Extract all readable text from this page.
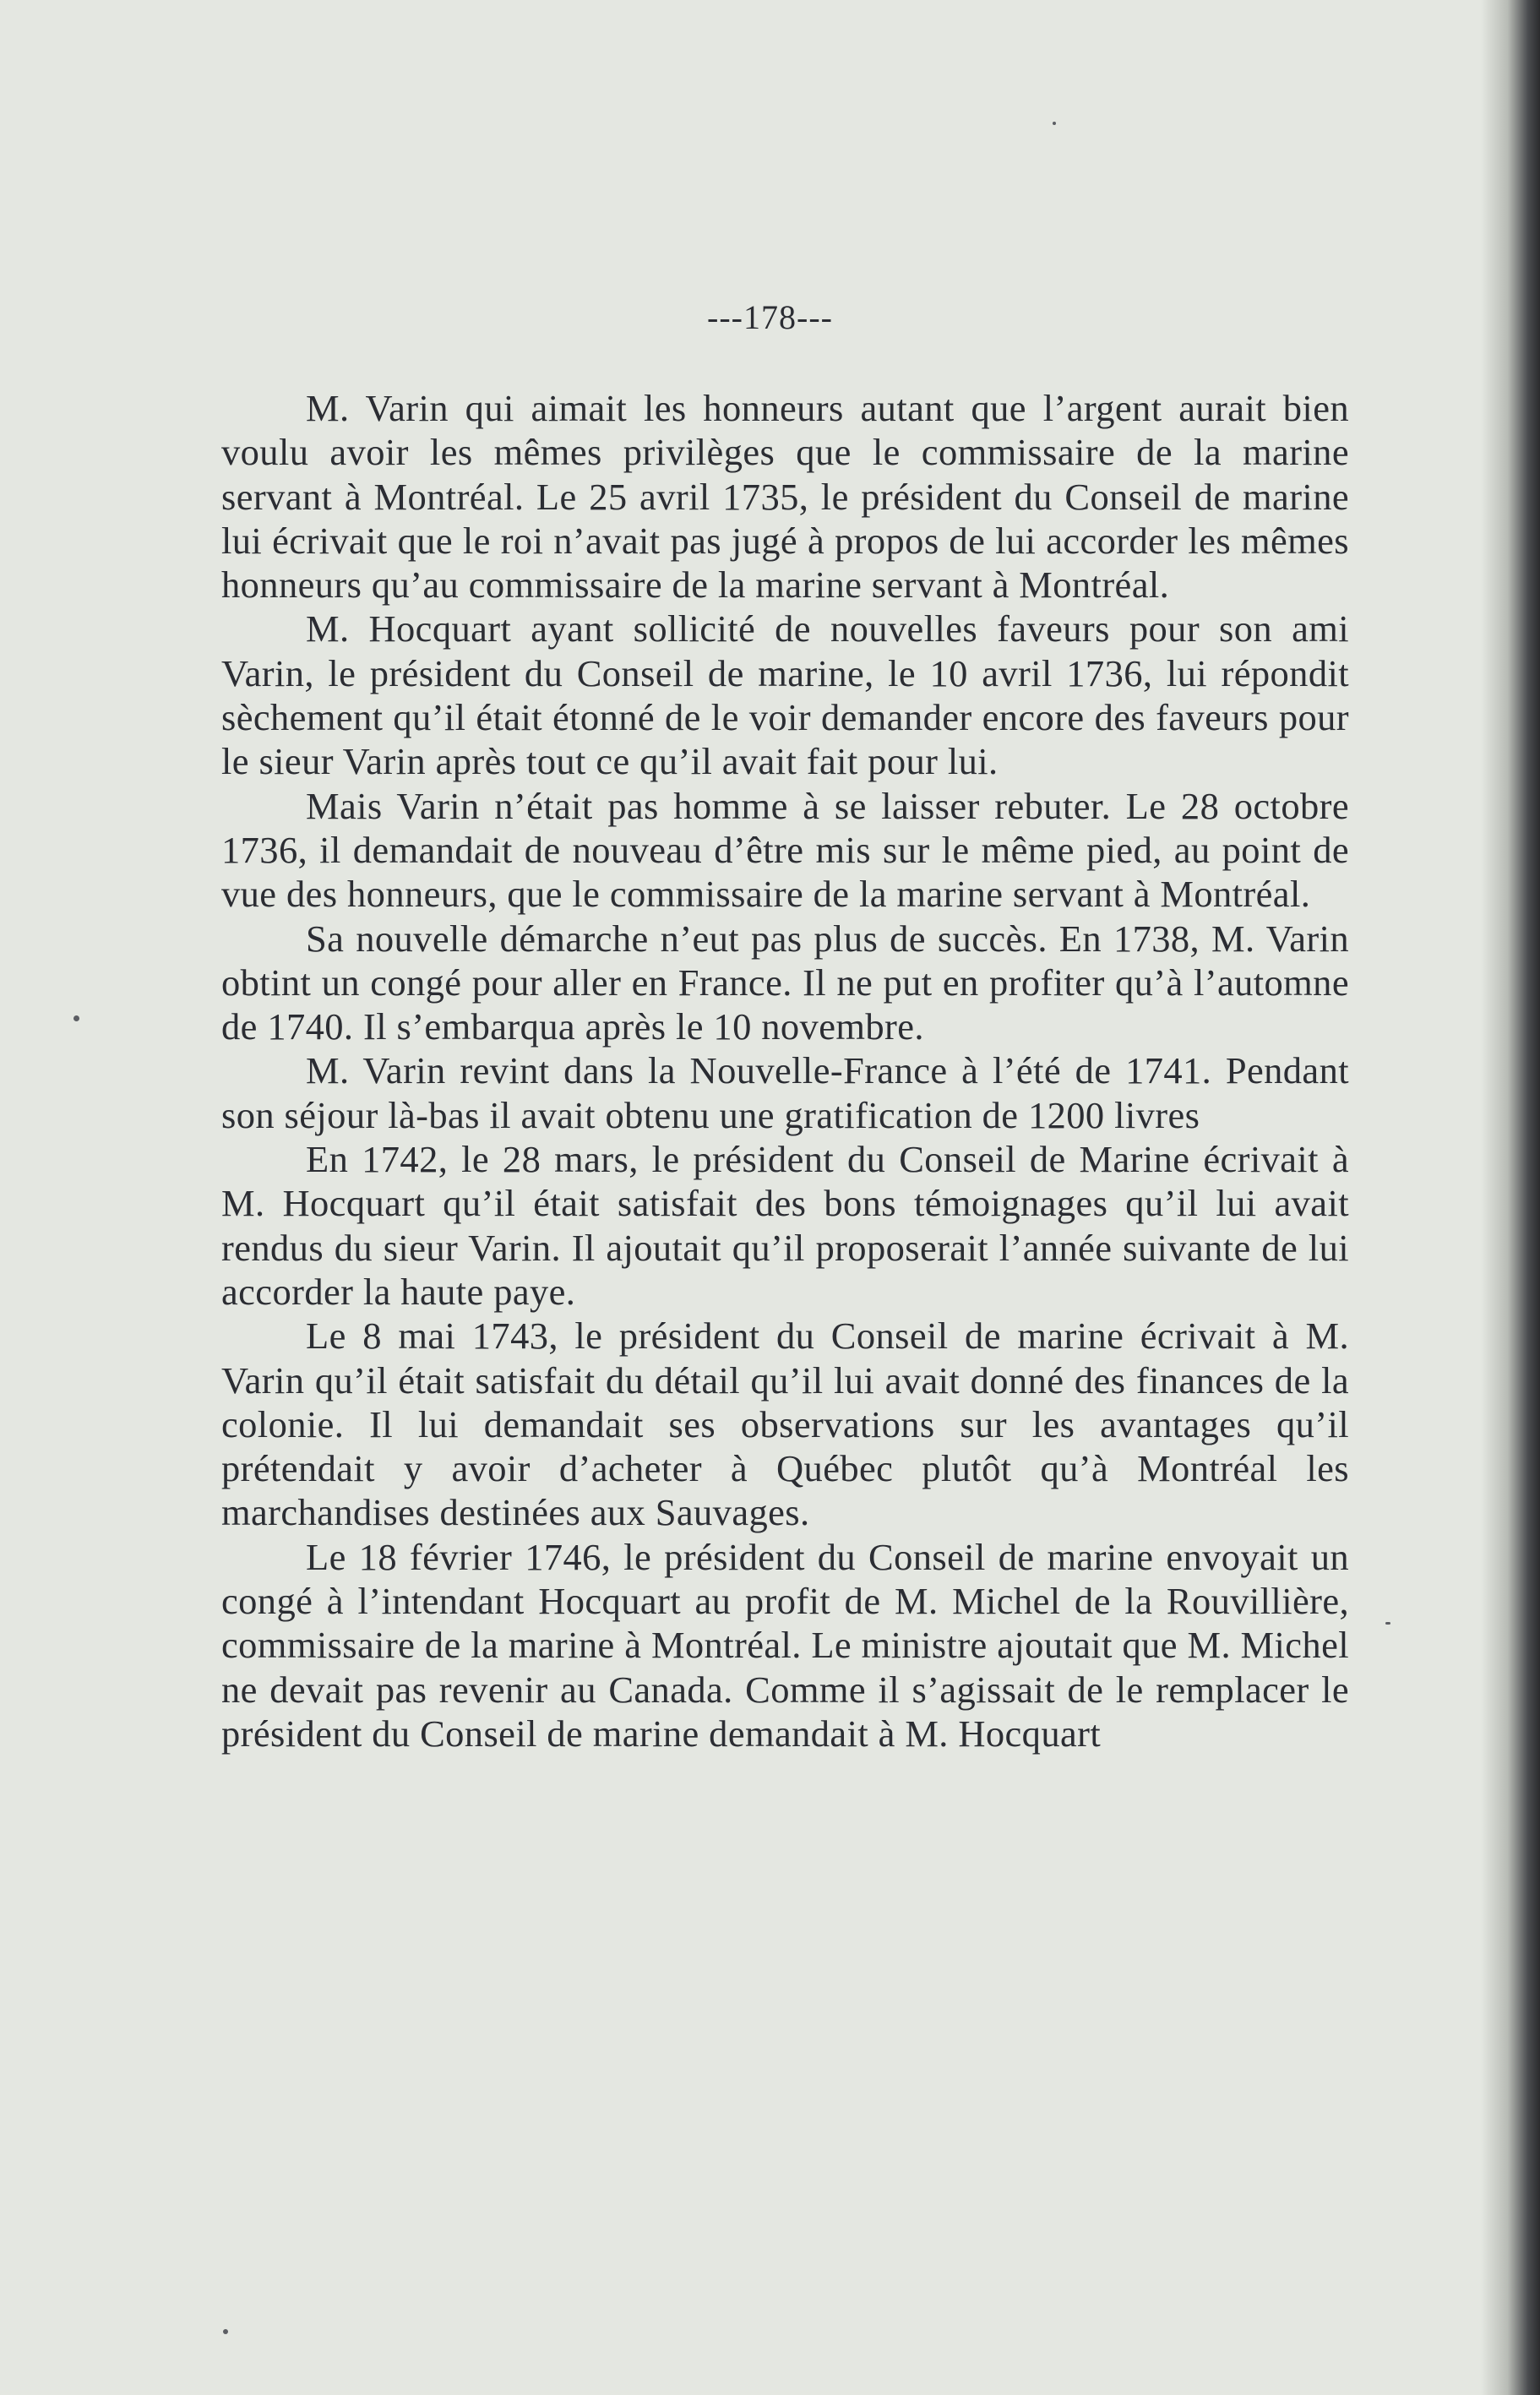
---178---

M. Varin qui aimait les honneurs autant que l’argent aurait bien voulu avoir les mêmes privilèges que le commissaire de la marine servant à Montréal. Le 25 avril 1735, le président du Conseil de marine lui écrivait que le roi n’avait pas jugé à propos de lui accorder les mêmes honneurs qu’au commissaire de la marine servant à Montréal.

M. Hocquart ayant sollicité de nouvelles faveurs pour son ami Varin, le président du Conseil de marine, le 10 avril 1736, lui répondit sèchement qu’il était étonné de le voir demander encore des faveurs pour le sieur Varin après tout ce qu’il avait fait pour lui.

Mais Varin n’était pas homme à se laisser rebuter. Le 28 octobre 1736, il demandait de nouveau d’être mis sur le même pied, au point de vue des honneurs, que le commissaire de la marine servant à Montréal.

Sa nouvelle démarche n’eut pas plus de succès. En 1738, M. Varin obtint un congé pour aller en France. Il ne put en profiter qu’à l’automne de 1740. Il s’embarqua après le 10 novembre.

M. Varin revint dans la Nouvelle-France à l’été de 1741. Pendant son séjour là-bas il avait obtenu une gratification de 1200 livres

En 1742, le 28 mars, le président du Conseil de Marine écrivait à M. Hocquart qu’il était satisfait des bons témoignages qu’il lui avait rendus du sieur Varin. Il ajoutait qu’il proposerait l’année suivante de lui accorder la haute paye.

Le 8 mai 1743, le président du Conseil de marine écrivait à M. Varin qu’il était satisfait du détail qu’il lui avait donné des finances de la colonie. Il lui demandait ses observations sur les avantages qu’il prétendait y avoir d’acheter à Québec plutôt qu’à Montréal les marchandises destinées aux Sauvages.

Le 18 février 1746, le président du Conseil de marine envoyait un congé à l’intendant Hocquart au profit de M. Michel de la Rouvillière, commissaire de la marine à Montréal. Le ministre ajoutait que M. Michel ne devait pas revenir au Canada. Comme il s’agissait de le remplacer le président du Conseil de marine demandait à M. Hocquart
